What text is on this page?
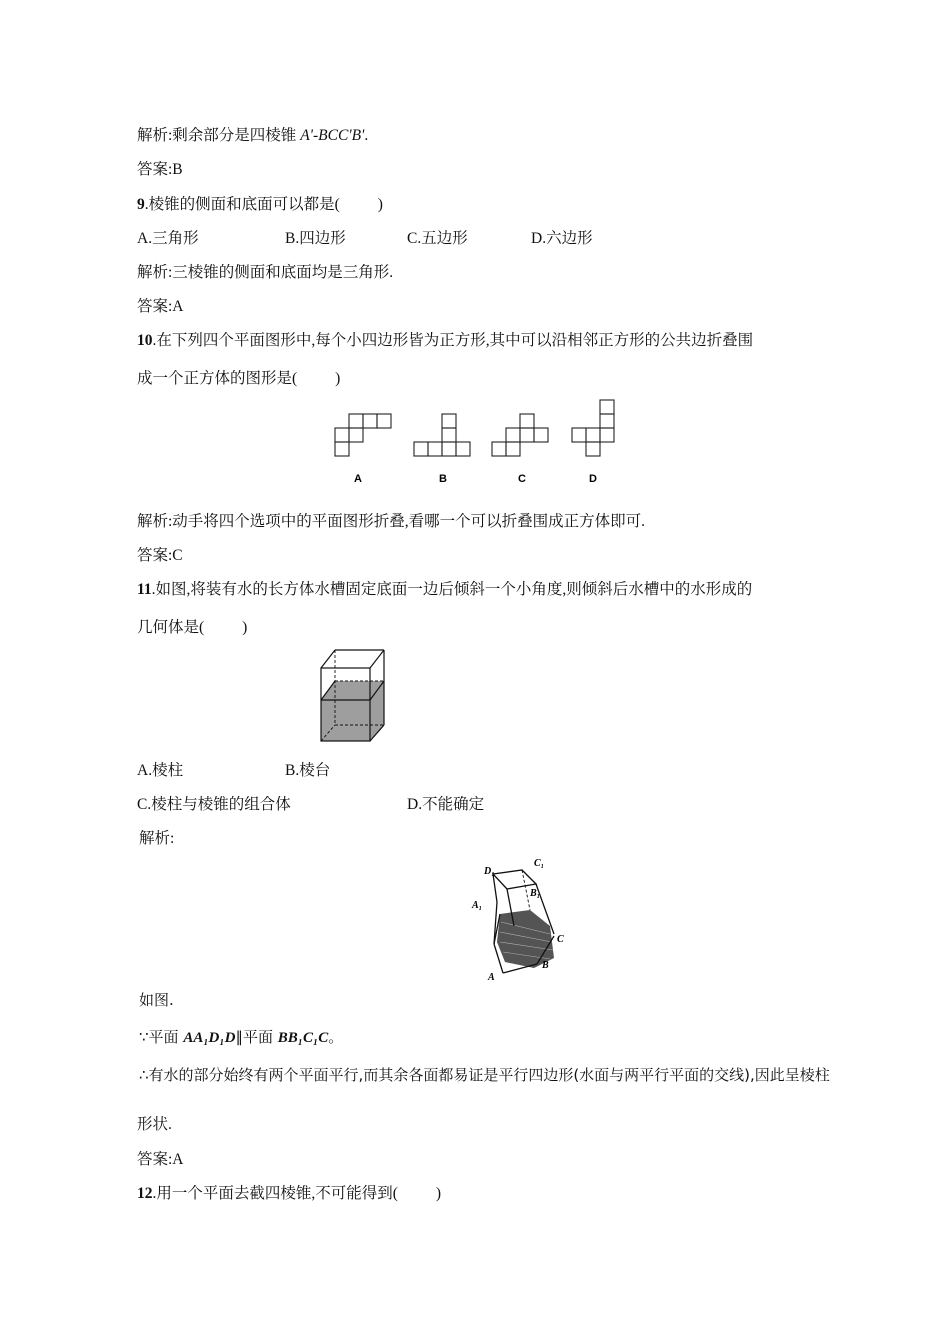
解析:剩余部分是四棱锥 A'-BCC'B'.
答案:B
9.棱锥的侧面和底面可以都是( )
A.三角形	B.四边形	C.五边形	D.六边形
解析:三棱锥的侧面和底面均是三角形.
答案:A
10.在下列四个平面图形中,每个小四边形皆为正方形,其中可以沿相邻正方形的公共边折叠围
成一个正方体的图形是( )
A	B	C	D
解析:动手将四个选项中的平面图形折叠,看哪一个可以折叠围成正方体即可.
答案:C
11.如图,将装有水的长方体水槽固定底面一边后倾斜一个小角度,则倾斜后水槽中的水形成的
几何体是( )
A.棱柱	B.棱台
C.棱柱与棱锥的组合体	D.不能确定
解析:
D₁
C₁
B₁
A₁
C
B
A
如图.
∵平面 AA₁D₁D∥平面 BB₁C₁C。
∴有水的部分始终有两个平面平行,而其余各面都易证是平行四边形(水面与两平行平面的交线),因此呈棱柱
形状.
答案:A
12.用一个平面去截四棱锥,不可能得到( )
